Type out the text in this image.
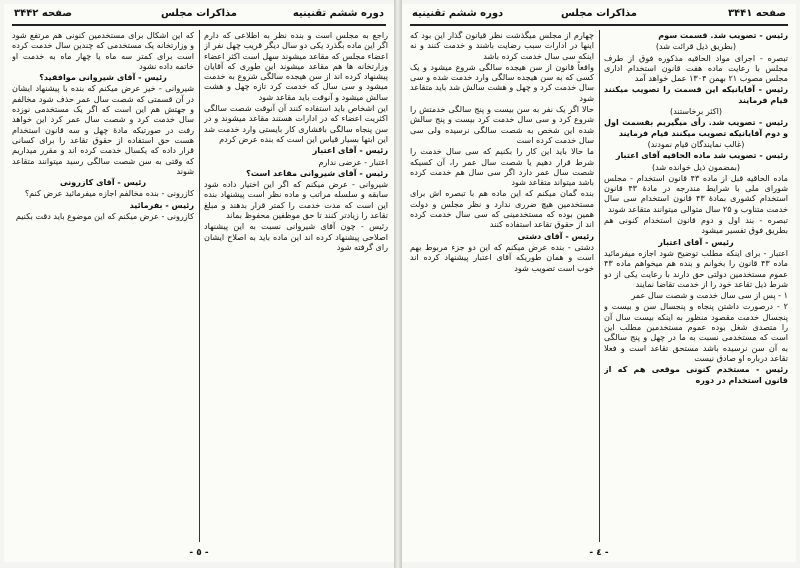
صفحه ۳۴۴۲	مذاکرات مجلس	دوره ششم تقنينيه

راجع به مجلس است و بنده نظر به اطلاعی که دارم اگر این ماده بگذرد یکی دو سال دیگر قریب چهل نفر از اعضاء مجلس که مقاعد میشوند سهل است اکثر اعضاء وزارتخانه ها هم مقاعد میشوند این طوری که آقایان پیشنهاد کرده اند از سن هیجده سالگی شروع به خدمت میشود و سی سال که خدمت کرد تازه چهل و هشت سالش میشود و آنوقت باید مقاعد شود

این اشخاص باید استفاده کنند آن آنوقت شصت سالگی اکثریت اعضاء که در ادارات هستند مقاعد میشوند و در سن پنجاه سالگی بافشاری کار بایستی وارد خدمت شد این ابتها بسیار قیاس این است که بنده عرض کردم

رئیس - آقای اعتبار

اعتبار - عرضی ندارم

رئیس - آقای شیروانی مقاعد است؟

شیروانی - عرض میکنم که اگر این اختیار داده شود سابقه و سلسله مراتب و ماده نظر است پیشنهاد بنده این است که مدت خدمت را کمتر قرار بدهند و مبلغ تقاعد را زیادتر کنند تا حق موظفین محفوظ بماند

رئیس - چون آقای شیروانی نسبت به این پیشنهاد اصلاحی پیشنهاد کرده اند این ماده باید به اصلاح ایشان رای گرفته شود

که این اشکال برای مستخدمین کنونی هم مرتفع شود و وزارتخانه یک مستخدمی که چندین سال خدمت کرده است برای کمتر سه ماه یا چهار ماه به خدمت او خاتمه داده نشود

رئیس - آقای شیروانی موافقید؟

شیروانی - خیر عرض میکنم که بنده با پیشنهاد ایشان در آن قسمتی که شصت سال عمر حذف شود مخالفم و جهتش هم این است که اگر یک مستخدمی نوزده سال خدمت کرد و شصت سال عمر کرد این خواهد رفت در صورتیکه مادۀ چهل و سه قانون استخدام هست حق استفاده از حقوق تقاعد را برای کسانی قرار داده که یکسال خدمت کرده اند و مقرر میداریم که وقتی به سن شصت سالگی رسید میتوانند متقاعد شوند

رئیس - آقای کازرونی

کازرونی - بنده مخالفم اجازه میفرمائید عرض کنم؟

رئیس - بفرمائید

کازرونی - عرض میکنم که این موضوع باید دقت بکنیم

- ٥ -
دوره ششم تقنينيه	مذاکرات مجلس	صفحه ۳۴۴۱

رئیس - تصویب شد. قسمت سوم

(بطریق ذیل قرائت شد)

تبصره - اجرای مواد الحاقیه مذکوره فوق از طرف مجلس با رعایت ماده هفت قانون استخدام اداری مجلس مصوب ۲۱ بهمن ۱۳۰۴ عمل خواهد آمد

رئیس - آقایانیکه این قسمت را تصویب میکنند قیام فرمایند

(اکثر برخاستند)

رئیس - تصویب شد. رأی میگیریم بقسمت اول و دوم آقایانیکه تصویب میکنند قیام فرمایند

(غالب نمایندگان قیام نمودند)

رئیس - تصویب شد ماده الحاقیه آقای اعتبار

(بمضمون ذیل خوانده شد)

ماده الحاقیه قبل از ماده ۴۳ قانون استخدام - مجلس شورای ملی با شرایط مندرجه در مادۀ ۴۳ قانون استخدام کشوری بمادۀ ۴۳ قانون استخدام سی سال خدمت متناوب و ۲۵ سال متوالی میتوانند متقاعد شوند

تبصره - بند اول و دوم قانون استخدام کنونی هم بطریق فوق تفسیر میشود

رئیس - آقای اعتبار

اعتبار - برای اینکه مطلب توضیح شود اجازه میفرمائید ماده ۴۳ قانون را بخوانم و بنده هم میخواهم ماده ۴۳ عموم مستخدمین دولتی حق دارند با رعایت یکی از دو شرط ذیل تقاعد خود را از خدمت تقاضا نمایند

۱ - پس از سی سال خدمت و شصت سال عمر

۲ - درصورت داشتن پنجاه و پنجسال سن و بیست و پنجسال خدمت مقصود منظور به اینکه بیست سال آن را متصدی شغل بوده عموم مستخدمین مطلب این است که مستخدمی نسبت به ما در چهل و پنج سالگی به آن سن نرسیده باشد مستحق تقاعد است و فعلا تقاعد درباره او صادق نیست

رئیس - مستخدم کنونی موقعی هم که از قانون استخدام در دوره

چهارم از مجلس میگذشت نظر قیانون گذار این بود که اینها در ادارات سبب رضایت باشند و خدمت کنند و نه اینکه سی سال خدمت کرده باشد

واقعاً قانون از سن هیجده سالگی شروع میشود و یک کسی که به سن هیجده سالگی وارد خدمت شده و سی سال خدمت کرد و چهل و هشت سالش شد باید متقاعد شود

حالا اگر یک نفر به سن بیست و پنج سالگی خدمتش را شروع کرد و سی سال خدمت کرد بیست و پنج سالش شده این شخص به شصت سالگی نرسیده ولی سی سال خدمت کرده است

ما حالا باید این کار را بکنیم که سی سال خدمت را شرط قرار دهیم یا شصت سال عمر را، آن کسیکه شصت سال عمر دارد اگر سی سال هم خدمت کرده باشد میتواند متقاعد شود

بنده گمان میکنم که این ماده هم با تبصره اش برای مستخدمین هیچ ضرری ندارد و نظر مجلس و دولت همین بوده که مستخدمینی که سی سال خدمت کرده اند از حقوق تقاعد استفاده کنند

رئیس - آقای دشتی

دشتی - بنده عرض میکنم که این دو جزء مربوط بهم است و همان طوریکه آقای اعتبار پیشنهاد کرده اند خوب است تصویب شود

- ٤ -
